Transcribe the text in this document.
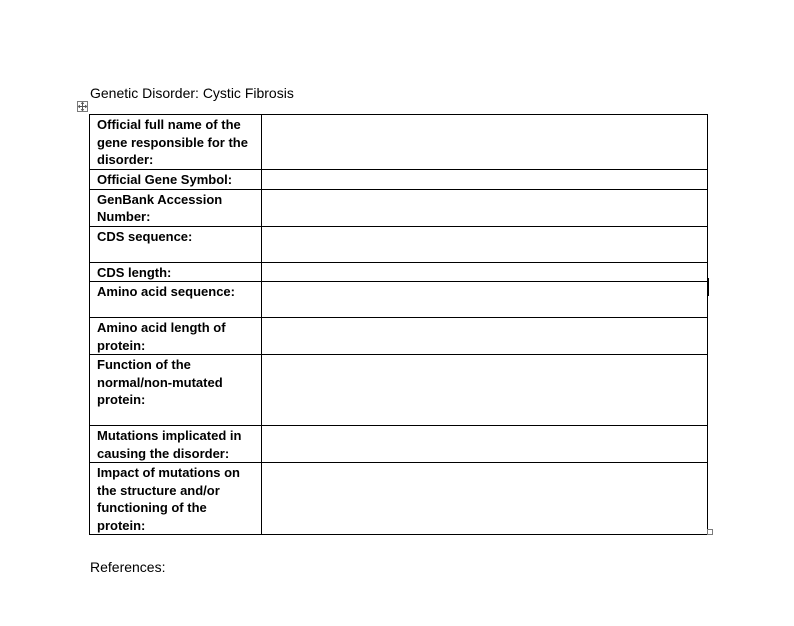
Genetic Disorder: Cystic Fibrosis
Official full name of the gene responsible for the disorder:	

Official Gene Symbol:	

GenBank Accession Number:	

CDS sequence:	

CDS length:	

Amino acid sequence:	

Amino acid length of protein:	

Function of the normal/non-mutated protein:	

Mutations implicated in causing the disorder:	

Impact of mutations on the structure and/or functioning of the protein:	
References:
